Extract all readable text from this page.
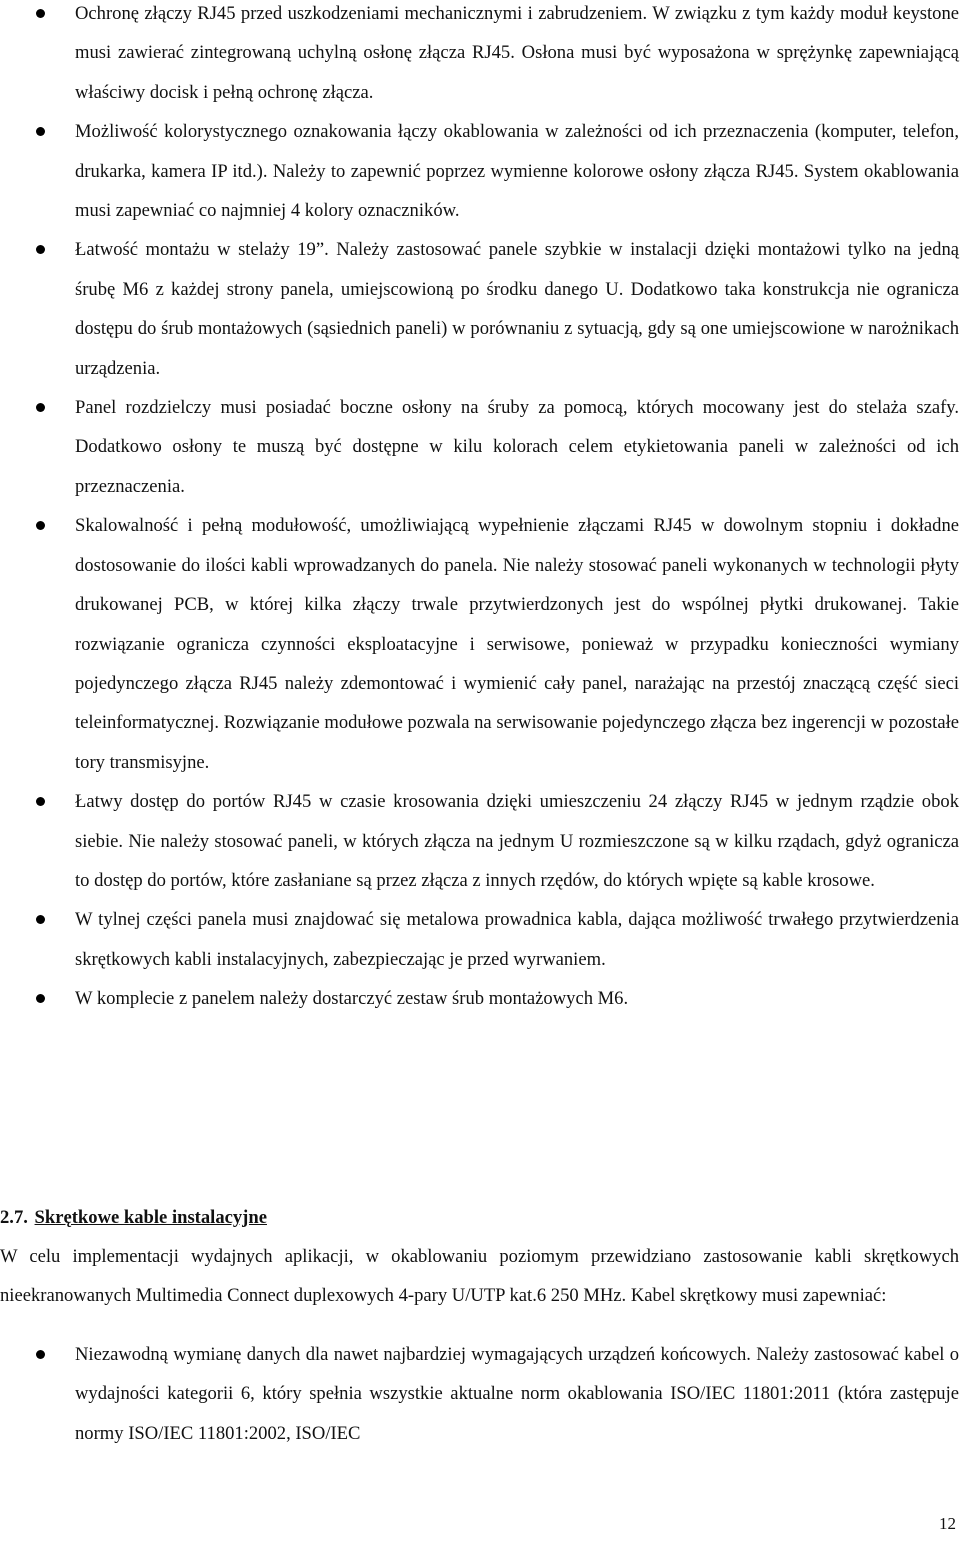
Ochronę złączy RJ45 przed uszkodzeniami mechanicznymi i zabrudzeniem. W związku z tym każdy moduł keystone musi zawierać zintegrowaną uchylną osłonę złącza RJ45. Osłona musi być wyposażona w sprężynkę zapewniającą właściwy docisk i pełną ochronę złącza.
Możliwość kolorystycznego oznakowania łączy okablowania w zależności od ich przeznaczenia (komputer, telefon, drukarka, kamera IP itd.). Należy to zapewnić poprzez wymienne kolorowe osłony złącza RJ45. System okablowania musi zapewniać co najmniej 4 kolory oznaczników.
Łatwość montażu w stelaży 19”. Należy zastosować panele szybkie w instalacji dzięki montażowi tylko na jedną śrubę M6 z każdej strony panela, umiejscowioną po środku danego U. Dodatkowo taka konstrukcja nie ogranicza dostępu do śrub montażowych (sąsiednich paneli) w porównaniu z sytuacją, gdy są one umiejscowione w narożnikach urządzenia.
Panel rozdzielczy musi posiadać boczne osłony na śruby za pomocą, których mocowany jest do stelaża szafy. Dodatkowo osłony te muszą być dostępne w kilu kolorach celem etykietowania paneli w zależności od ich przeznaczenia.
Skalowalność i pełną modułowość, umożliwiającą wypełnienie złączami RJ45 w dowolnym stopniu i dokładne dostosowanie do ilości kabli wprowadzanych do panela. Nie należy stosować paneli wykonanych w technologii płyty drukowanej PCB, w której kilka złączy trwale przytwierdzonych jest do wspólnej płytki drukowanej. Takie rozwiązanie ogranicza czynności eksploatacyjne i serwisowe, ponieważ w przypadku konieczności wymiany pojedynczego złącza RJ45 należy zdemontować i wymienić cały panel, narażając na przestój znaczącą część sieci teleinformatycznej. Rozwiązanie modułowe pozwala na serwisowanie pojedynczego złącza bez ingerencji w pozostałe tory transmisyjne.
Łatwy dostęp do portów RJ45 w czasie krosowania dzięki umieszczeniu 24 złączy RJ45 w jednym rządzie obok siebie. Nie należy stosować paneli, w których złącza na jednym U rozmieszczone są w kilku rządach, gdyż ogranicza to dostęp do portów, które zasłaniane są przez złącza z innych rzędów, do których wpięte są kable krosowe.
W tylnej części panela musi znajdować się metalowa prowadnica kabla, dająca możliwość trwałego przytwierdzenia skrętkowych kabli instalacyjnych, zabezpieczając je przed wyrwaniem.
W komplecie z panelem należy dostarczyć zestaw śrub montażowych M6.
2.7. Skrętkowe kable instalacyjne

W celu implementacji wydajnych aplikacji, w okablowaniu poziomym przewidziano zastosowanie kabli skrętkowych nieekranowanych Multimedia Connect duplexowych 4-pary U/UTP kat.6 250 MHz. Kabel skrętkowy musi zapewniać:

Niezawodną wymianę danych dla nawet najbardziej wymagających urządzeń końcowych. Należy zastosować kabel o wydajności kategorii 6, który spełnia wszystkie aktualne norm okablowania ISO/IEC 11801:2011 (która zastępuje normy ISO/IEC 11801:2002, ISO/IEC
12
